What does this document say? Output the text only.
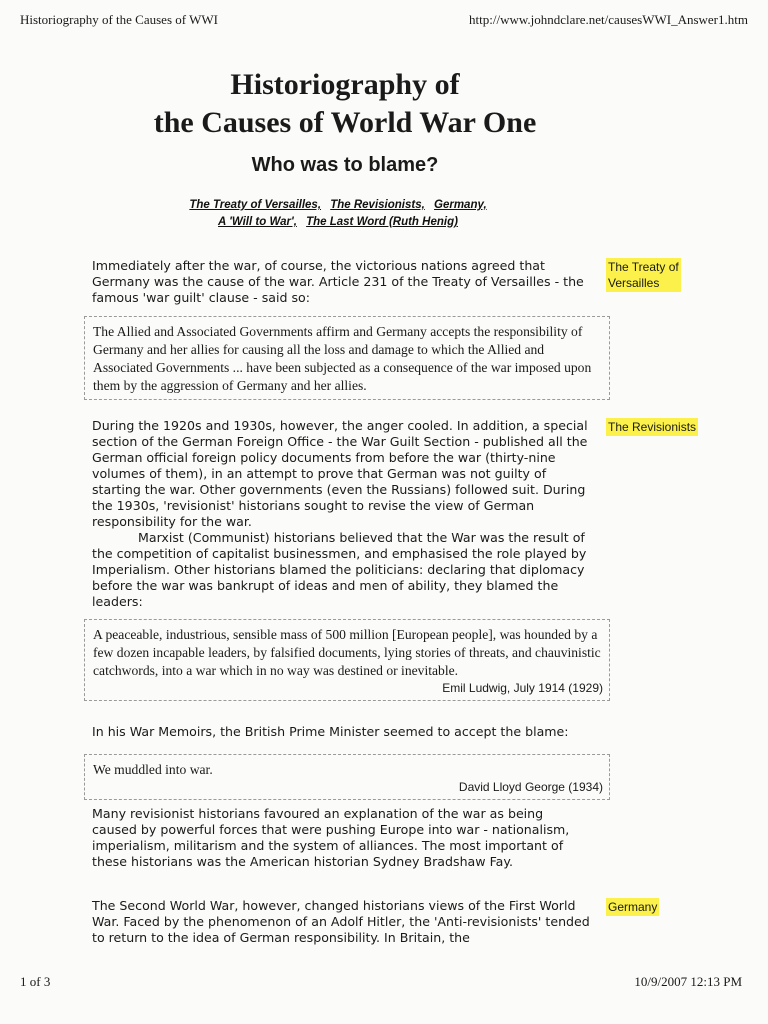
Historiography of the Causes of WWI	http://www.johndclare.net/causesWWI_Answer1.htm
Historiography of
the Causes of World War One
Who was to blame?
The Treaty of Versailles, The Revisionists, Germany,
A 'Will to War', The Last Word (Ruth Henig)

Immediately after the war, of course, the victorious nations agreed that Germany was the cause of the war. Article 231 of the Treaty of Versailles - the famous 'war guilt' clause - said so:

The Treaty of
Versailles
The Allied and Associated Governments affirm and Germany accepts the responsibility of Germany and her allies for causing all the loss and damage to which the Allied and Associated Governments ... have been subjected as a consequence of the war imposed upon them by the aggression of Germany and her allies.

During the 1920s and 1930s, however, the anger cooled. In addition, a special section of the German Foreign Office - the War Guilt Section - published all the German official foreign policy documents from before the war (thirty-nine volumes of them), in an attempt to prove that German was not guilty of starting the war. Other governments (even the Russians) followed suit. During the 1930s, 'revisionist' historians sought to revise the view of German responsibility for the war.

Marxist (Communist) historians believed that the War was the result of the competition of capitalist businessmen, and emphasised the role played by Imperialism. Other historians blamed the politicians: declaring that diplomacy before the war was bankrupt of ideas and men of ability, they blamed the leaders:

The Revisionists
A peaceable, industrious, sensible mass of 500 million [European people], was hounded by a few dozen incapable leaders, by falsified documents, lying stories of threats, and chauvinistic catchwords, into a war which in no way was destined or inevitable.
Emil Ludwig, July 1914 (1929)

In his War Memoirs, the British Prime Minister seemed to accept the blame:

We muddled into war.
David Lloyd George (1934)

Many revisionist historians favoured an explanation of the war as being caused by powerful forces that were pushing Europe into war - nationalism, imperialism, militarism and the system of alliances. The most important of these historians was the American historian Sydney Bradshaw Fay.

The Second World War, however, changed historians views of the First World War. Faced by the phenomenon of an Adolf Hitler, the 'Anti-revisionists' tended to return to the idea of German responsibility. In Britain, the

Germany
1 of 3	10/9/2007 12:13 PM
